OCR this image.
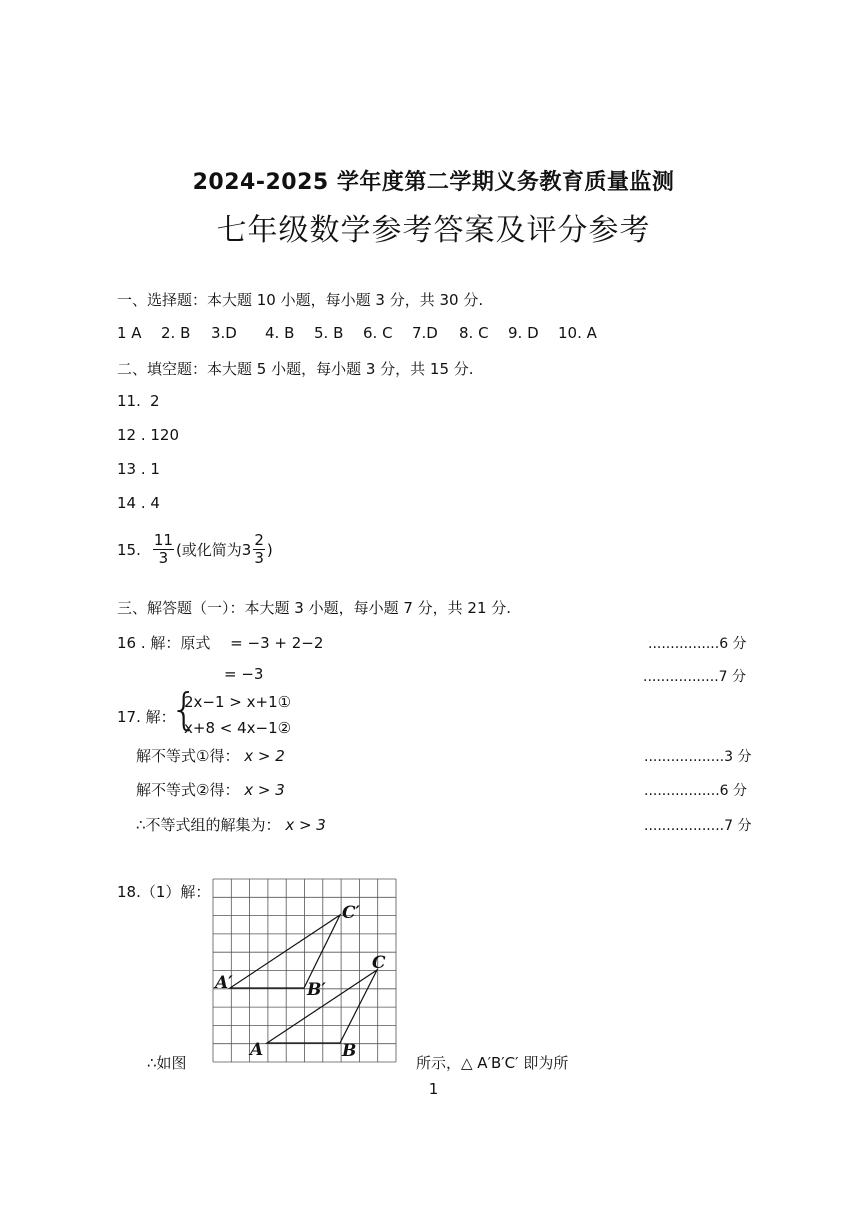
2024-2025 学年度第二学期义务教育质量监测
七年级数学参考答案及评分参考
一、选择题：本大题 10 小题，每小题 3 分，共 30 分.
1 A 2. B 3.D 4. B 5. B 6. C 7.D 8. C 9. D 10. A
二、填空题：本大题 5 小题，每小题 3 分，共 15 分.
11. 2
12 . 120
13 . 1
14 . 4
15. $\frac{11}{3}$ (或化简为$3 \frac{2}{3}$ )
三、解答题（一）：本大题 3 小题，每小题 7 分，共 21 分.
16 . 解：原式　 = −3 + 2−2	................6 分
= −3	.................7 分
17. 解：
{
2x−1 > x+1①
x+8 < 4x−1②
解不等式①得： x > 2	..................3 分
解不等式②得： x > 3	.................6 分
∴不等式组的解集为： x > 3	..................7 分
18.（1）解：
C′
A′	B′
C
A	B
∴如图	所示，△ A′B′C′ 即为所
1
